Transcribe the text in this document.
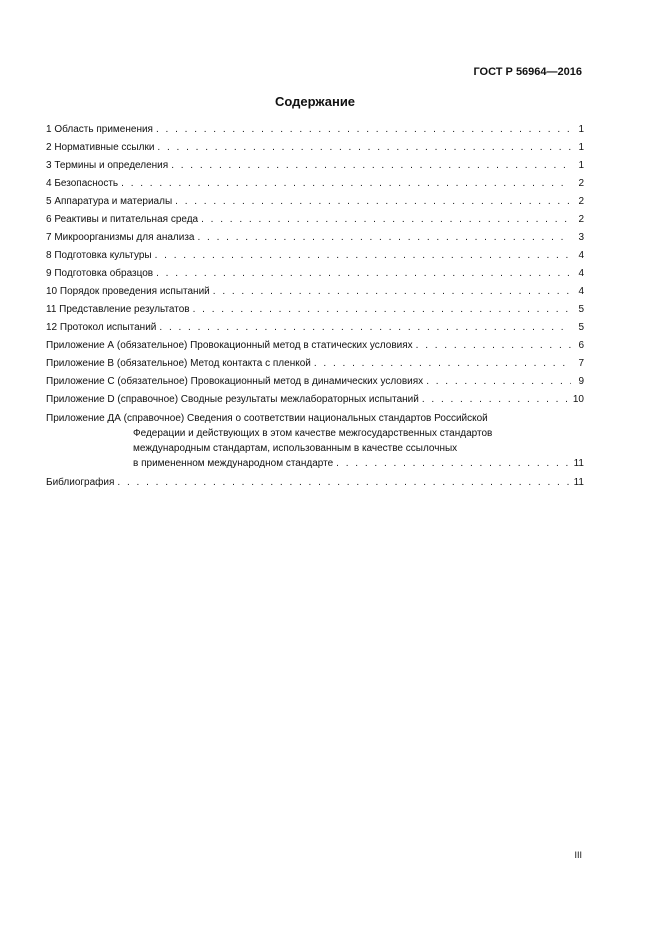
ГОСТ Р 56964—2016
Содержание
1 Область применения . . .	1
2 Нормативные ссылки . . .	1
3 Термины и определения . . .	1
4 Безопасность . . .	2
5 Аппаратура и материалы . . .	2
6 Реактивы и питательная среда . . .	2
7 Микроорганизмы для анализа . . .	3
8 Подготовка культуры . . .	4
9 Подготовка образцов . . .	4
10 Порядок проведения испытаний . . .	4
11 Представление результатов . . .	5
12 Протокол испытаний . . .	5
Приложение А (обязательное) Провокационный метод в статических условиях . . .	6
Приложение В (обязательное) Метод контакта с пленкой . . .	7
Приложение С (обязательное) Провокационный метод в динамических условиях . . .	9
Приложение D (справочное) Сводные результаты межлабораторных испытаний . . .	10
Приложение ДА (справочное) Сведения о соответствии национальных стандартов Российской
Федерации и действующих в этом качестве межгосударственных стандартов
международным стандартам, использованным в качестве ссылочных
в примененном международном стандарте . . .	11
Библиография . . .	11
III
